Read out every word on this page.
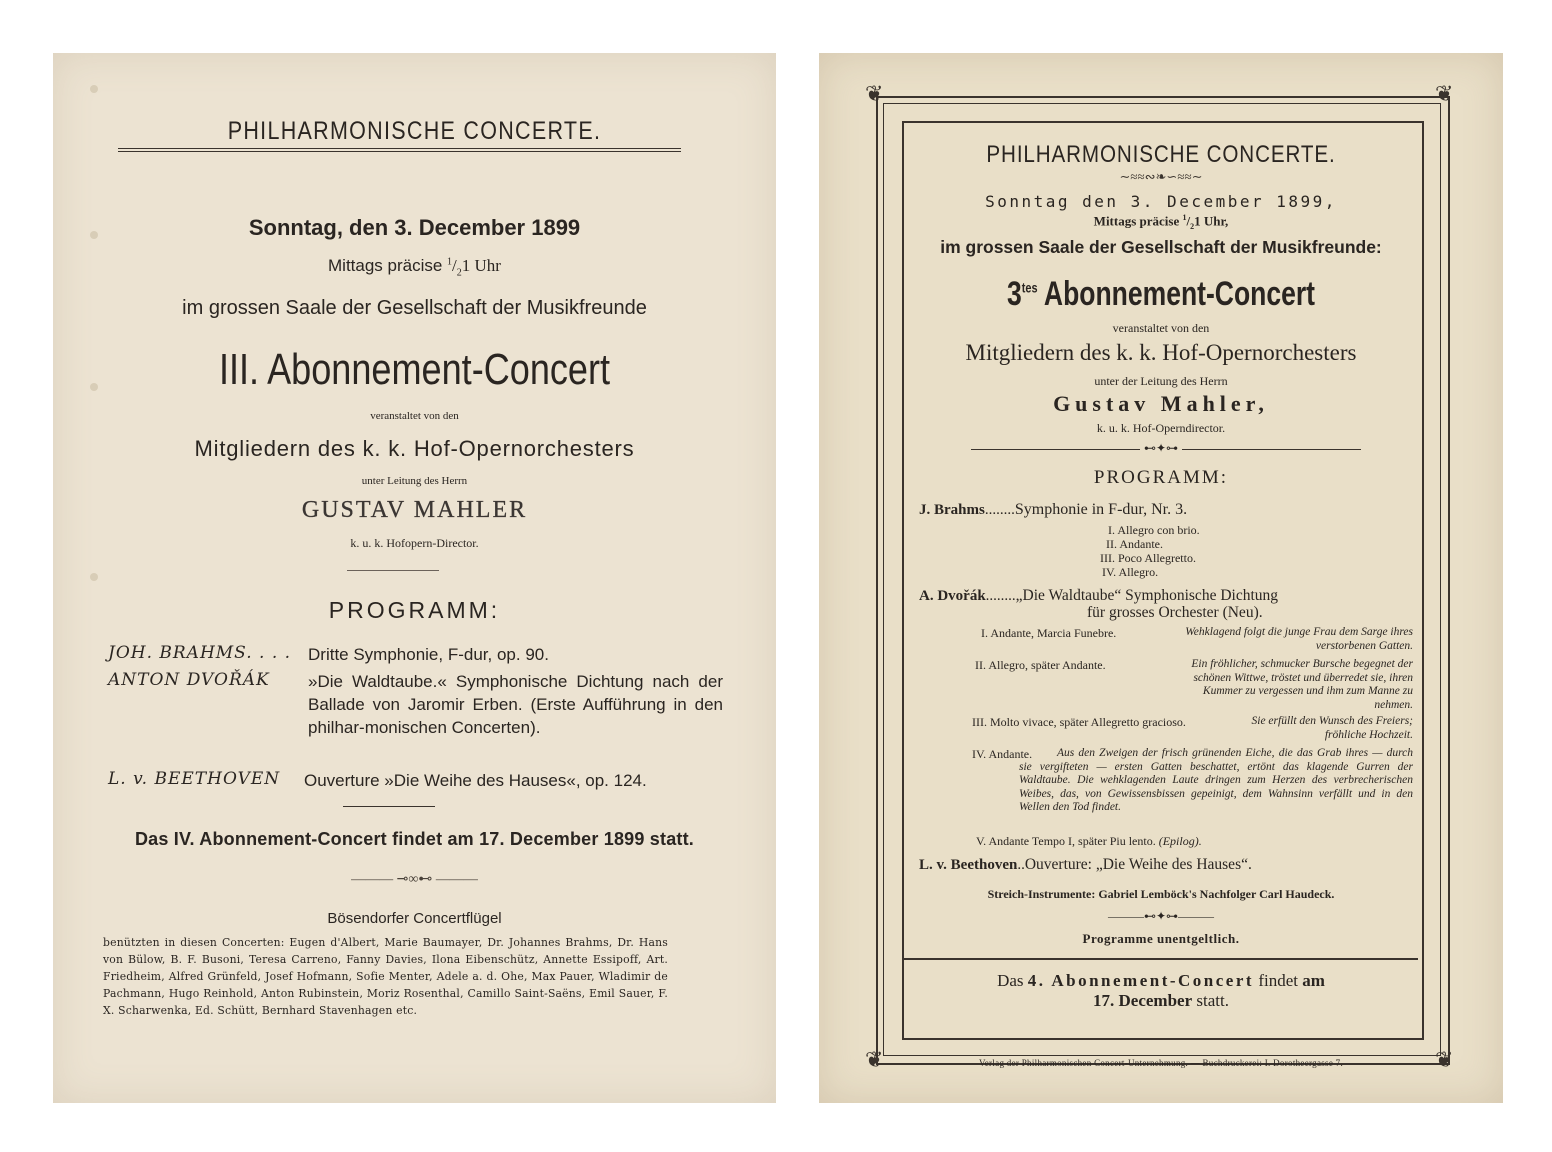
PHILHARMONISCHE CONCERTE.
Sonntag, den 3. December 1899
Mittags präcise $^1/_21$ Uhr
im grossen Saale der Gesellschaft der Musikfreunde
III. Abonnement-Concert
veranstaltet von den
Mitgliedern des k. k. Hof-Opernorchesters
unter Leitung des Herrn
GUSTAV MAHLER
k. u. k. Hofopern-Director.
PROGRAMM:
JOH. BRAHMS. . . . Dritte Symphonie, F-dur, op. 90.
ANTON DVOŘÁK »Die Waldtaube.« Symphonische Dichtung nach der Ballade von Jaromir Erben. (Erste Aufführung in den philhar-monischen Concerten).
L. v. BEETHOVEN Ouverture »Die Weihe des Hauses«, op. 124.
Das IV. Abonnement-Concert findet am 17. December 1899 statt.
——— ⊸∞⊷ ———
Bösendorfer Concertflügel
benützten in diesen Concerten: Eugen d'Albert, Marie Baumayer, Dr. Johannes Brahms, Dr. Hans von Bülow, B. F. Busoni, Teresa Carreno, Fanny Davies, Ilona Eibenschütz, Annette Essipoff, Art. Friedheim, Alfred Grünfeld, Josef Hofmann, Sofie Menter, Adele a. d. Ohe, Max Pauer, Wladimir de Pachmann, Hugo Reinhold, Anton Rubinstein, Moriz Rosenthal, Camillo Saint-Saëns, Emil Sauer, F. X. Scharwenka, Ed. Schütt, Bernhard Stavenhagen etc.
❦	❦
❦	❦
PHILHARMONISCHE CONCERTE.
∼≈≈∾❧∽≈≈∼
Sonntag den 3. December 1899,
Mittags präcise $^1/_21$ Uhr,
im grossen Saale der Gesellschaft der Musikfreunde:
$3^{tes}$ Abonnement-Concert
veranstaltet von den
Mitgliedern des k. k. Hof-Opernorchesters
unter der Leitung des Herrn
Gustav Mahler,
k. u. k. Hof-Operndirector.
⊷✦⊶
PROGRAMM:
J. Brahms........Symphonie in F-dur, Nr. 3.
I. Allegro con brio.
II. Andante.
III. Poco Allegretto.
IV. Allegro.
A. Dvořák........„Die Waldtaube“ Symphonische Dichtung
für grosses Orchester (Neu).
I. Andante, Marcia Funebre.	Wehklagend folgt die junge Frau dem Sarge ihres verstorbenen Gatten.
II. Allegro, später Andante.	Ein fröhlicher, schmucker Bursche begegnet der schönen Wittwe, tröstet und überredet sie, ihren Kummer zu vergessen und ihm zum Manne zu nehmen.
III. Molto vivace, später Allegretto gracioso.	Sie erfüllt den Wunsch des Freiers; fröhliche Hochzeit.
IV. Andante.	Aus den Zweigen der frisch grünenden Eiche, die das Grab ihres — durch sie vergifteten — ersten Gatten beschattet, ertönt das klagende Gurren der Waldtaube. Die wehklagenden Laute dringen zum Herzen des verbrecherischen Weibes, das, von Gewissensbissen gepeinigt, dem Wahnsinn verfällt und in den Wellen den Tod findet.
V. Andante Tempo I, später Piu lento. (Epilog).
L. v. Beethoven..Ouverture: „Die Weihe des Hauses“.
Streich-Instrumente: Gabriel Lemböck's Nachfolger Carl Haudeck.
———⊷✦⊶———
Programme unentgeltlich.
Das 4. Abonnement-Concert findet am
17. December statt.
Verlag der Philharmonischen Concert-Unternehmung. — Buchdruckerei: I. Dorotheergasse 7.
